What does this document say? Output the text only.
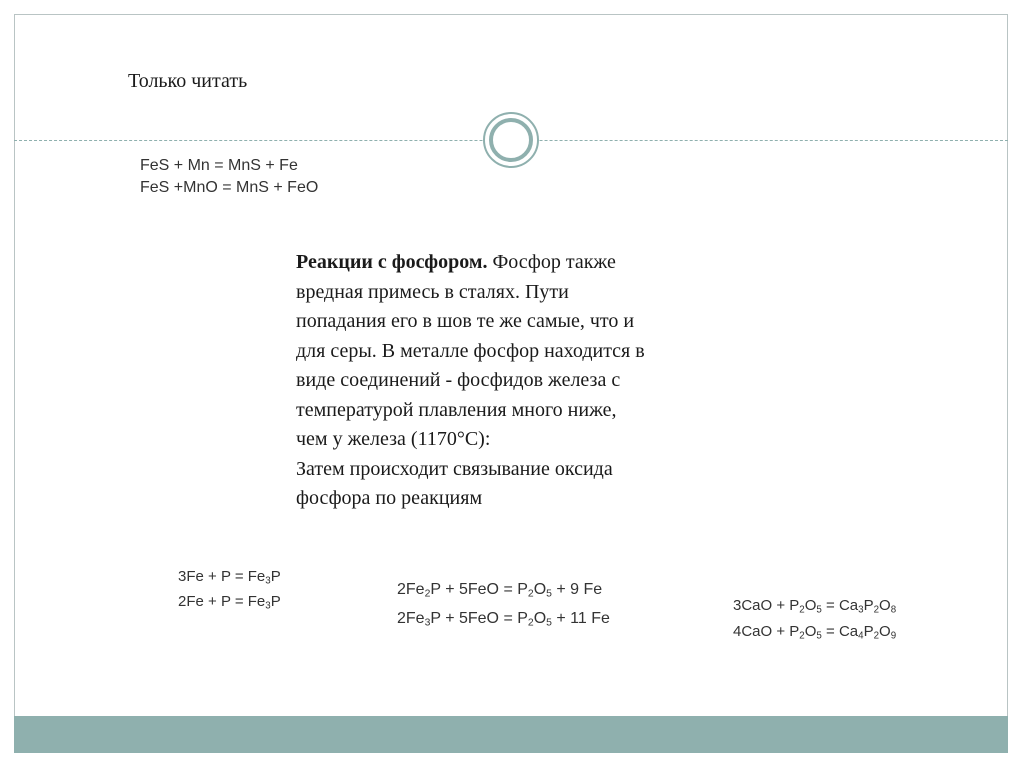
Только читать
FeS + Mn = MnS + Fe
FeS +MnO = MnS + FeO

Реакции с фосфором. Фосфор также
вредная примесь в сталях. Пути
попадания его в шов те же самые, что и
для серы. В металле фосфор находится в
виде соединений - фосфидов железа с
температурой плавления много ниже,
чем у железа (1170°С):
Затем происходит связывание оксида
фосфора по реакциям

$3Fe + P = Fe_3P$
$2Fe + P = Fe_3P$
$2Fe_2P + 5FeO = P_2O_5 + 9$ Fe
$2Fe_3P + 5FeO = P_2O_5 + 11$ Fe
$3CaO + P_2O_5 = Ca_3P_2O_8$
$4CaO + P_2O_5 = Ca_4P_2O_9$
